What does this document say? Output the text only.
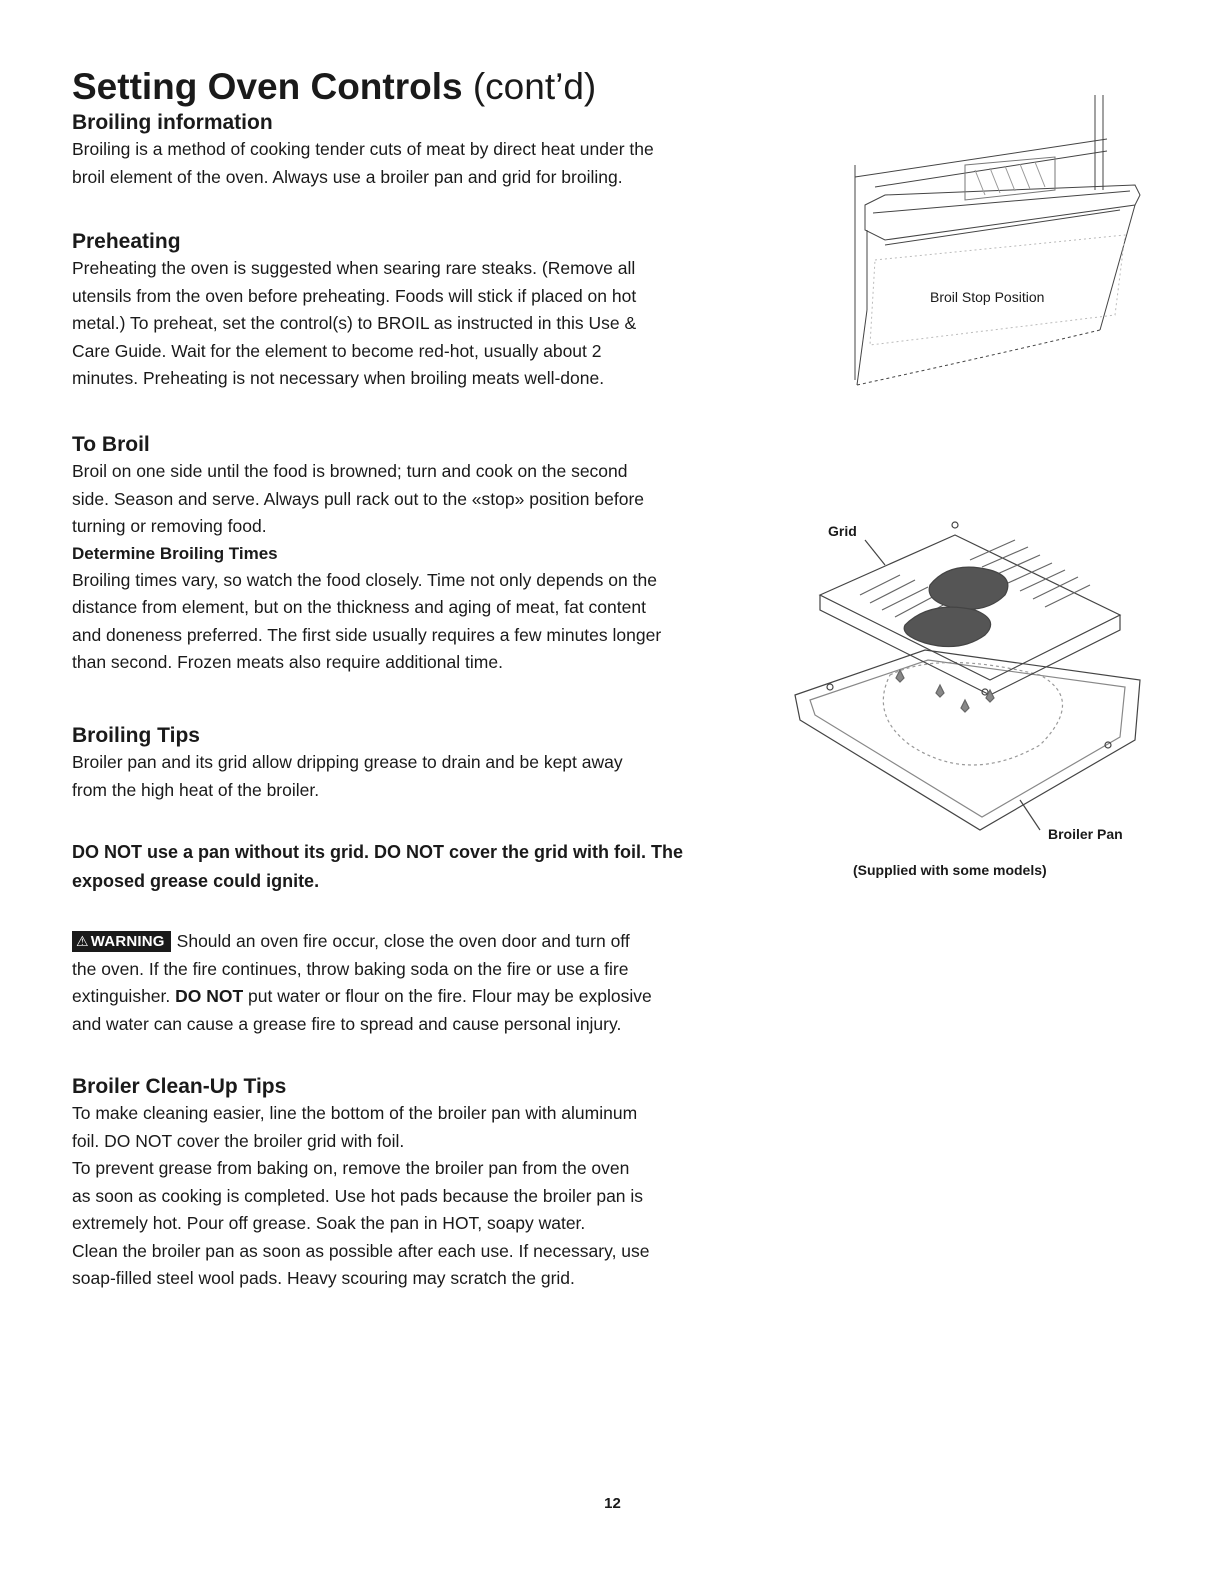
Setting Oven Controls (cont’d)
Broiling information

Broiling is a method of cooking tender cuts of meat by direct heat under the

broil element of the oven. Always use a broiler pan and grid for broiling.

Preheating

Preheating the oven is suggested when searing rare steaks. (Remove all

utensils from the oven before preheating. Foods will stick if placed on hot

metal.) To preheat, set the control(s) to BROIL as instructed in this Use &

Care Guide. Wait for the element to become red-hot, usually about 2

minutes. Preheating is not necessary when broiling meats well-done.

To Broil

Broil on one side until the food is browned; turn and cook on the second

side. Season and serve. Always pull rack out to the «stop» position before

turning or removing food.

Determine Broiling Times

Broiling times vary, so watch the food closely. Time not only depends on the

distance from element, but on the thickness and aging of meat, fat content

and doneness preferred. The first side usually requires a few minutes longer

than second. Frozen meats also require additional time.

Broiling Tips

Broiler pan and its grid allow dripping grease to drain and be kept away

from the high heat of the broiler.

DO NOT use a pan without its grid. DO NOT cover the grid with foil. The
exposed grease could ignite.

⚠ WARNING Should an oven fire occur, close the oven door and turn off

the oven. If the fire continues, throw baking soda on the fire or use a fire

extinguisher. DO NOT put water or flour on the fire. Flour may be explosive

and water can cause a grease fire to spread and cause personal injury.

Broiler Clean-Up Tips

To make cleaning easier, line the bottom of the broiler pan with aluminum

foil. DO NOT cover the broiler grid with foil.

To prevent grease from baking on, remove the broiler pan from the oven

as soon as cooking is completed. Use hot pads because the broiler pan is

extremely hot. Pour off grease. Soak the pan in HOT, soapy water.

Clean the broiler pan as soon as possible after each use. If necessary, use

soap-filled steel wool pads. Heavy scouring may scratch the grid.

Broil Stop Position
Grid
Broiler Pan
(Supplied with some models)
12
